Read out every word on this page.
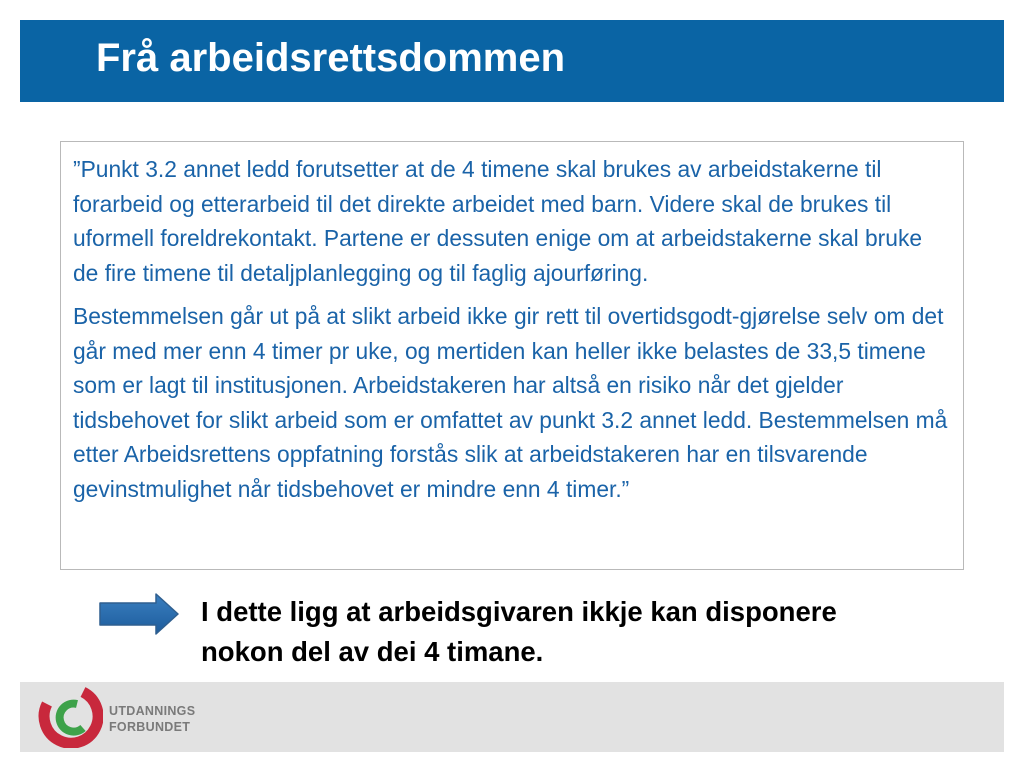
Frå arbeidsrettsdommen

”Punkt 3.2 annet ledd forutsetter at de 4 timene skal brukes av arbeidstakerne til forarbeid og etterarbeid til det direkte arbeidet med barn. Videre skal de brukes til uformell foreldrekontakt. Partene er dessuten enige om at arbeidstakerne skal bruke de fire timene til detaljplanlegging og til faglig ajourføring.

Bestemmelsen går ut på at slikt arbeid ikke gir rett til overtidsgodt-gjørelse selv om det går med mer enn 4 timer pr uke, og mertiden kan heller ikke belastes de 33,5 timene som er lagt til institusjonen. Arbeidstakeren har altså en risiko når det gjelder tidsbehovet for slikt arbeid som er omfattet av punkt 3.2 annet ledd. Bestemmelsen må etter Arbeidsrettens oppfatning forstås slik at arbeidstakeren har en tilsvarende gevinstmulighet når tidsbehovet er mindre enn 4 timer.”

I dette ligg at arbeidsgivaren ikkje kan disponere nokon del av dei 4 timane.
UTDANNINGS
FORBUNDET
